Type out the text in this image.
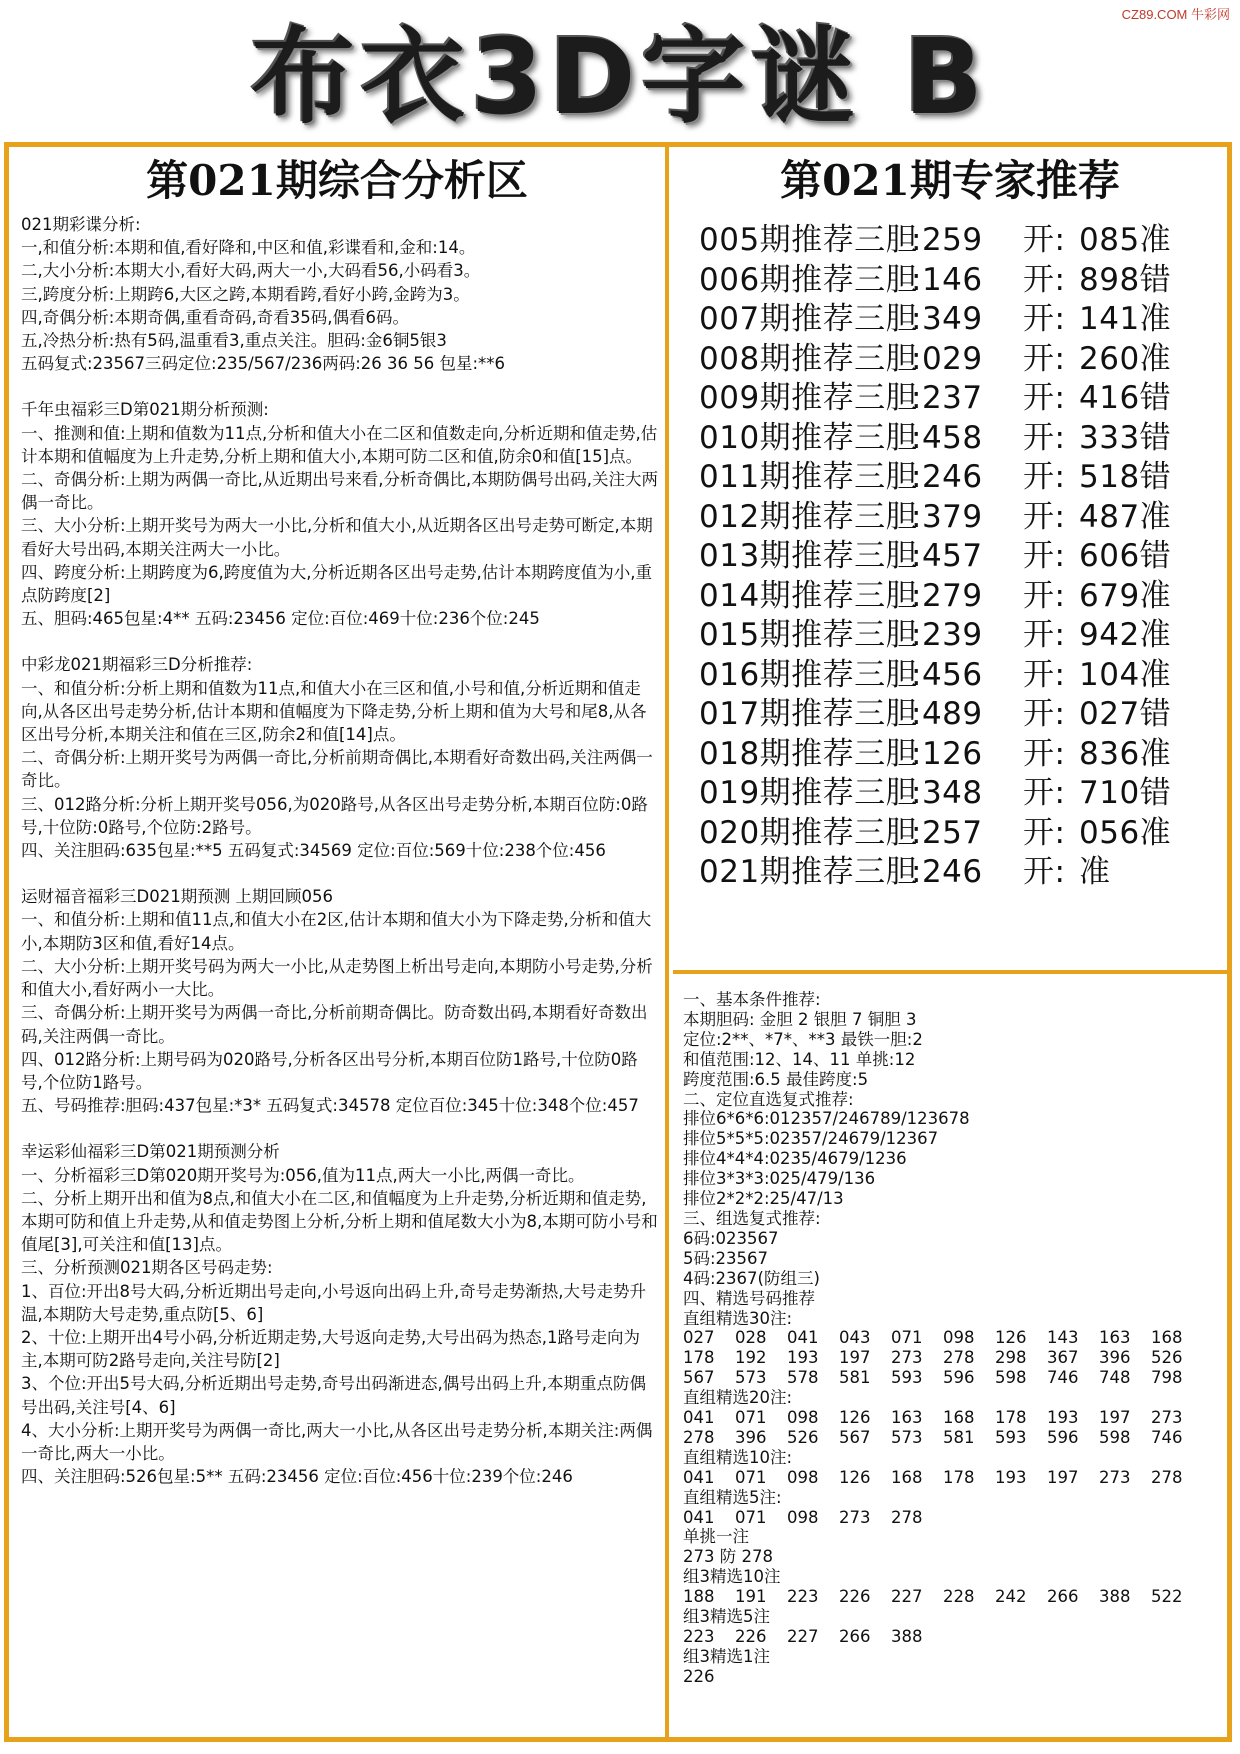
CZ89.COM 牛彩网
布衣3D字谜 B
第021期综合分析区
021期彩谍分析:
一,和值分析:本期和值,看好降和,中区和值,彩谍看和,金和:14。
二,大小分析:本期大小,看好大码,两大一小,大码看56,小码看3。
三,跨度分析:上期跨6,大区之跨,本期看跨,看好小跨,金跨为3。
四,奇偶分析:本期奇偶,重看奇码,奇看35码,偶看6码。
五,冷热分析:热有5码,温重看3,重点关注。胆码:金6铜5银3
五码复式:23567三码定位:235/567/236两码:26 36 56 包星:**6
千年虫福彩三D第021期分析预测:
一、推测和值:上期和值数为11点,分析和值大小在二区和值数走向,分析近期和值走势,估计本期和值幅度为上升走势,分析上期和值大小,本期可防二区和值,防余0和值[15]点。
二、奇偶分析:上期为两偶一奇比,从近期出号来看,分析奇偶比,本期防偶号出码,关注大两偶一奇比。
三、大小分析:上期开奖号为两大一小比,分析和值大小,从近期各区出号走势可断定,本期看好大号出码,本期关注两大一小比。
四、跨度分析:上期跨度为6,跨度值为大,分析近期各区出号走势,估计本期跨度值为小,重点防跨度[2]
五、胆码:465包星:4** 五码:23456 定位:百位:469十位:236个位:245
中彩龙021期福彩三D分析推荐:
一、和值分析:分析上期和值数为11点,和值大小在三区和值,小号和值,分析近期和值走向,从各区出号走势分析,估计本期和值幅度为下降走势,分析上期和值为大号和尾8,从各区出号分析,本期关注和值在三区,防余2和值[14]点。
二、奇偶分析:上期开奖号为两偶一奇比,分析前期奇偶比,本期看好奇数出码,关注两偶一奇比。
三、012路分析:分析上期开奖号056,为020路号,从各区出号走势分析,本期百位防:0路号,十位防:0路号,个位防:2路号。
四、关注胆码:635包星:**5 五码复式:34569 定位:百位:569十位:238个位:456
运财福音福彩三D021期预测 上期回顾056
一、和值分析:上期和值11点,和值大小在2区,估计本期和值大小为下降走势,分析和值大小,本期防3区和值,看好14点。
二、大小分析:上期开奖号码为两大一小比,从走势图上析出号走向,本期防小号走势,分析和值大小,看好两小一大比。
三、奇偶分析:上期开奖号为两偶一奇比,分析前期奇偶比。防奇数出码,本期看好奇数出码,关注两偶一奇比。
四、012路分析:上期号码为020路号,分析各区出号分析,本期百位防1路号,十位防0路号,个位防1路号。
五、号码推荐:胆码:437包星:*3* 五码复式:34578 定位百位:345十位:348个位:457
幸运彩仙福彩三D第021期预测分析
一、分析福彩三D第020期开奖号为:056,值为11点,两大一小比,两偶一奇比。
二、分析上期开出和值为8点,和值大小在二区,和值幅度为上升走势,分析近期和值走势,本期可防和值上升走势,从和值走势图上分析,分析上期和值尾数大小为8,本期可防小号和值尾[3],可关注和值[13]点。
三、分析预测021期各区号码走势:
1、百位:开出8号大码,分析近期出号走向,小号返向出码上升,奇号走势渐热,大号走势升温,本期防大号走势,重点防[5、6]
2、十位:上期开出4号小码,分析近期走势,大号返向走势,大号出码为热态,1路号走向为主,本期可防2路号走向,关注号防[2]
3、个位:开出5号大码,分析近期出号走势,奇号出码渐进态,偶号出码上升,本期重点防偶号出码,关注号[4、6]
4、大小分析:上期开奖号为两偶一奇比,两大一小比,从各区出号走势分析,本期关注:两偶一奇比,两大一小比。
四、关注胆码:526包星:5** 五码:23456 定位:百位:456十位:239个位:246
第021期专家推荐
005期推荐三胆:259 开: 085准
006期推荐三胆:146 开: 898错
007期推荐三胆:349 开: 141准
008期推荐三胆:029 开: 260准
009期推荐三胆:237 开: 416错
010期推荐三胆:458 开: 333错
011期推荐三胆:246 开: 518错
012期推荐三胆:379 开: 487准
013期推荐三胆:457 开: 606错
014期推荐三胆:279 开: 679准
015期推荐三胆:239 开: 942准
016期推荐三胆:456 开: 104准
017期推荐三胆:489 开: 027错
018期推荐三胆:126 开: 836准
019期推荐三胆:348 开: 710错
020期推荐三胆:257 开: 056准
021期推荐三胆:246 开: 准
一、基本条件推荐:
本期胆码: 金胆 2 银胆 7 铜胆 3
定位:2**、*7*、**3 最铁一胆:2
和值范围:12、14、11 单挑:12
跨度范围:6.5 最佳跨度:5
二、定位直选复式推荐:
排位6*6*6:012357/246789/123678
排位5*5*5:02357/24679/12367
排位4*4*4:0235/4679/1236
排位3*3*3:025/479/136
排位2*2*2:25/47/13
三、组选复式推荐:
6码:023567
5码:23567
4码:2367(防组三)
四、精选号码推荐
直组精选30注:
027	028	041	043	071	098	126	143	163	168
178	192	193	197	273	278	298	367	396	526
567	573	578	581	593	596	598	746	748	798
直组精选20注:
041	071	098	126	163	168	178	193	197	273
278	396	526	567	573	581	593	596	598	746
直组精选10注:
041	071	098	126	168	178	193	197	273	278
直组精选5注:
041	071	098	273	278
单挑一注
273 防 278
组3精选10注
188	191	223	226	227	228	242	266	388	522
组3精选5注
223	226	227	266	388
组3精选1注
226
